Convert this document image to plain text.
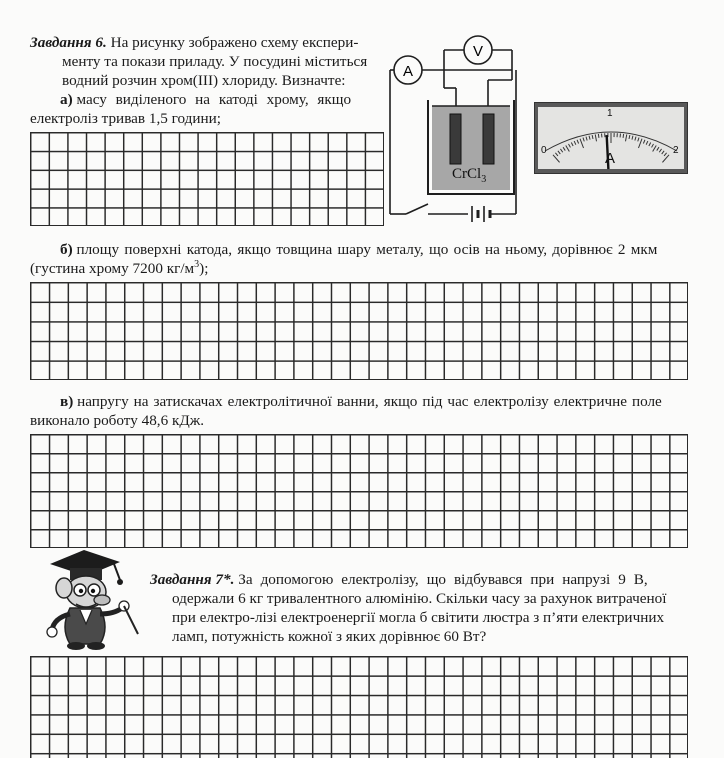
Завдання 6. На рисунку зображено схему експери-
менту та покази приладу. У посудині міститься
водний розчин хром(ІІІ) хлориду. Визначте:
а) масу виділеного на катоді хрому, якщо
електроліз тривав 1,5 години;
V
A
CrCl$_3$
0
1
2
A
б) площу поверхні катода, якщо товщина шару металу, що осів на ньому, дорівнює 2 мкм
(густина хрому 7200 $кг/м^3$);
в) напругу на затискачах електролітичної ванни, якщо під час електролізу електричне поле
виконало роботу 48,6 кДж.
Завдання 7*. За допомогою електролізу, що відбувався при напрузі 9 В,
одержали 6 кг тривалентного алюмінію. Скільки часу за рахунок витраченої
при електро-лізі електроенергії могла б світити люстра з п’яти електричних
ламп, потужність кожної з яких дорівнює 60 Вт?
